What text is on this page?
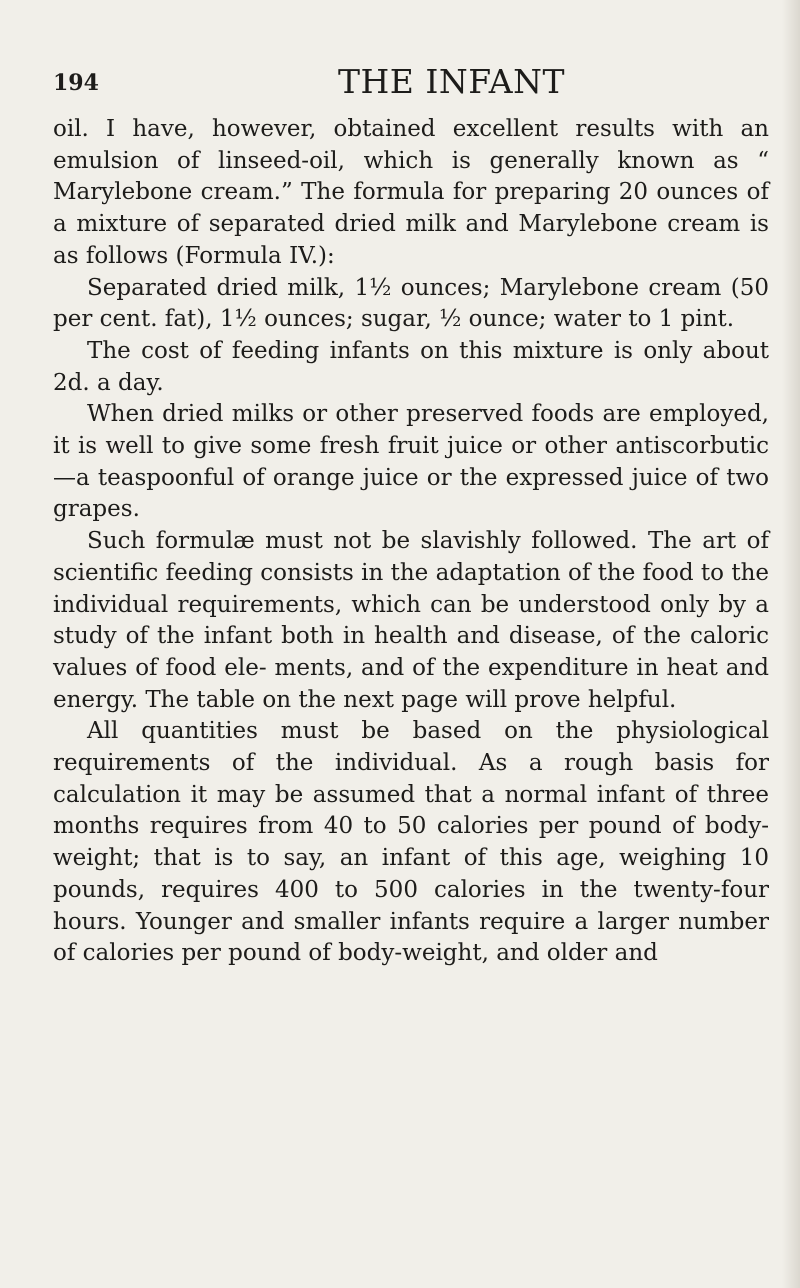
194	THE INFANT

oil. I have, however, obtained excellent results with an emulsion of linseed-oil, which is generally known as “ Marylebone cream.” The formula for preparing 20 ounces of a mixture of separated dried milk and Marylebone cream is as follows (Formula IV.):

Separated dried milk, 1½ ounces; Marylebone cream (50 per cent. fat), 1½ ounces; sugar, ½ ounce; water to 1 pint.

The cost of feeding infants on this mixture is only about 2d. a day.

When dried milks or other preserved foods are employed, it is well to give some fresh fruit juice or other antiscorbutic—a teaspoonful of orange juice or the expressed juice of two grapes.

Such formulæ must not be slavishly followed. The art of scientific feeding consists in the adaptation of the food to the individual requirements, which can be understood only by a study of the infant both in health and disease, of the caloric values of food ele- ments, and of the expenditure in heat and energy. The table on the next page will prove helpful.

All quantities must be based on the physiological requirements of the individual. As a rough basis for calculation it may be assumed that a normal infant of three months requires from 40 to 50 calories per pound of body-weight; that is to say, an infant of this age, weighing 10 pounds, requires 400 to 500 calories in the twenty-four hours. Younger and smaller infants require a larger number of calories per pound of body-weight, and older and
